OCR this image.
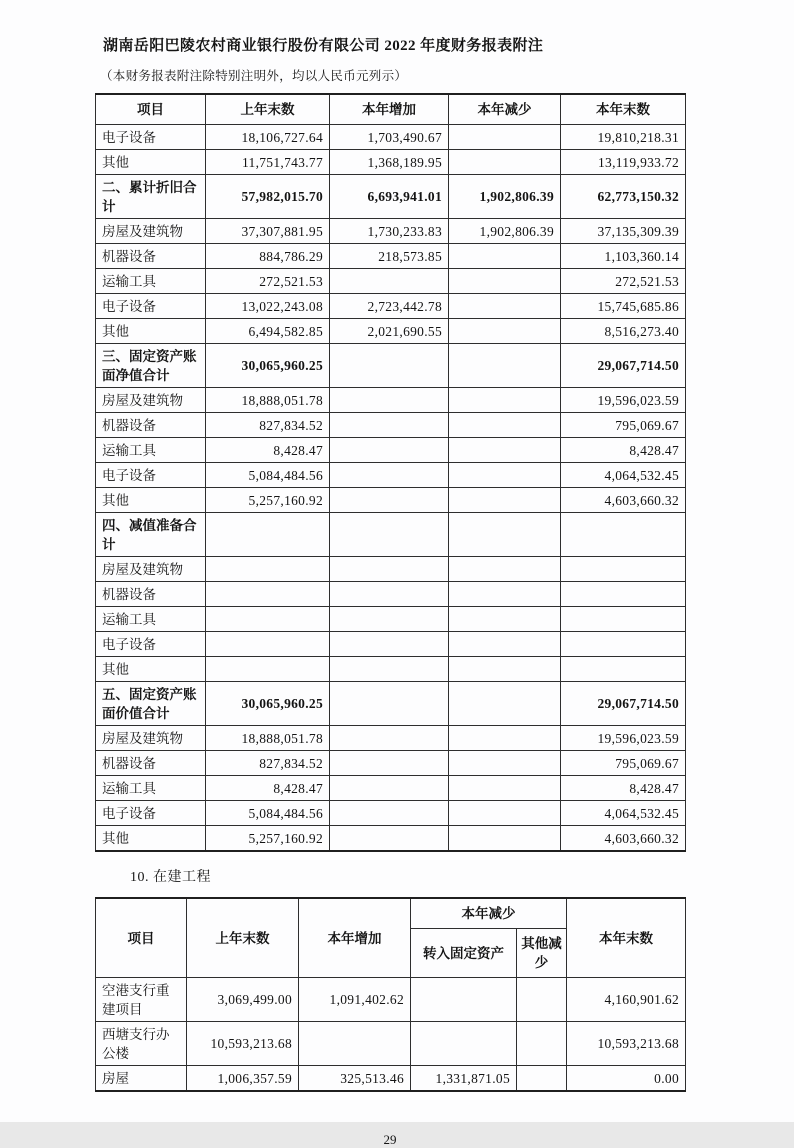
湖南岳阳巴陵农村商业银行股份有限公司 2022 年度财务报表附注
（本财务报表附注除特别注明外，均以人民币元列示）
项目	上年末数	本年增加	本年减少	本年末数
电子设备	18,106,727.64	1,703,490.67		19,810,218.31
其他	11,751,743.77	1,368,189.95		13,119,933.72
二、累计折旧合计	57,982,015.70	6,693,941.01	1,902,806.39	62,773,150.32
房屋及建筑物	37,307,881.95	1,730,233.83	1,902,806.39	37,135,309.39
机器设备	884,786.29	218,573.85		1,103,360.14
运输工具	272,521.53			272,521.53
电子设备	13,022,243.08	2,723,442.78		15,745,685.86
其他	6,494,582.85	2,021,690.55		8,516,273.40
三、固定资产账面净值合计	30,065,960.25			29,067,714.50
房屋及建筑物	18,888,051.78			19,596,023.59
机器设备	827,834.52			795,069.67
运输工具	8,428.47			8,428.47
电子设备	5,084,484.56			4,064,532.45
其他	5,257,160.92			4,603,660.32
四、减值准备合计				
房屋及建筑物				
机器设备				
运输工具				
电子设备				
其他				
五、固定资产账面价值合计	30,065,960.25			29,067,714.50
房屋及建筑物	18,888,051.78			19,596,023.59
机器设备	827,834.52			795,069.67
运输工具	8,428.47			8,428.47
电子设备	5,084,484.56			4,064,532.45
其他	5,257,160.92			4,603,660.32
10. 在建工程
项目	上年末数	本年增加	本年减少		本年末数
			转入固定资产	其他减少	
空港支行重建项目	3,069,499.00	1,091,402.62			4,160,901.62
西塘支行办公楼	10,593,213.68				10,593,213.68
房屋	1,006,357.59	325,513.46	1,331,871.05		0.00
29
